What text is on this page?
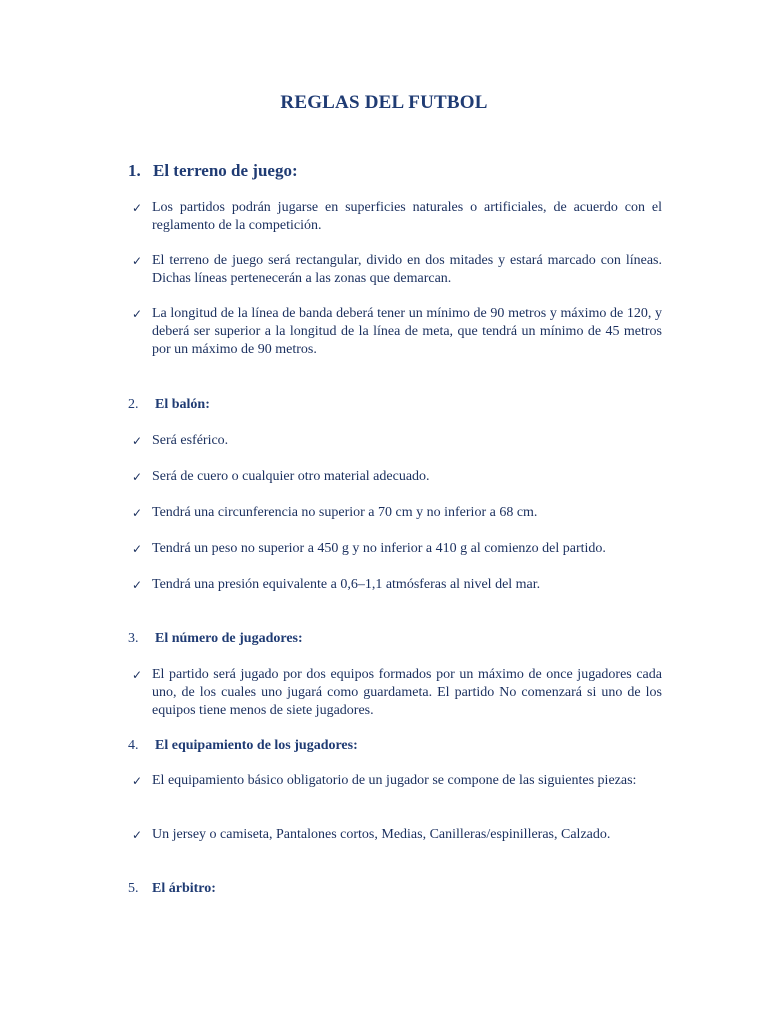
REGLAS DEL FUTBOL
1. El terreno de juego:
✓ Los partidos podrán jugarse en superficies naturales o artificiales, de acuerdo con el reglamento de la competición.
✓ El terreno de juego será rectangular, divido en dos mitades y estará marcado con líneas. Dichas líneas pertenecerán a las zonas que demarcan.
✓ La longitud de la línea de banda deberá tener un mínimo de 90 metros y máximo de 120, y deberá ser superior a la longitud de la línea de meta, que tendrá un mínimo de 45 metros por un máximo de 90 metros.
2. El balón:
✓ Será esférico.
✓ Será de cuero o cualquier otro material adecuado.
✓ Tendrá una circunferencia no superior a 70 cm y no inferior a 68 cm.
✓ Tendrá un peso no superior a 450 g y no inferior a 410 g al comienzo del partido.
✓ Tendrá una presión equivalente a 0,6–1,1 atmósferas al nivel del mar.
3. El número de jugadores:
✓ El partido será jugado por dos equipos formados por un máximo de once jugadores cada uno, de los cuales uno jugará como guardameta. El partido No comenzará si uno de los equipos tiene menos de siete jugadores.
4. El equipamiento de los jugadores:
✓ El equipamiento básico obligatorio de un jugador se compone de las siguientes piezas:
✓ Un jersey o camiseta, Pantalones cortos, Medias, Canilleras/espinilleras, Calzado.
5. El árbitro:
